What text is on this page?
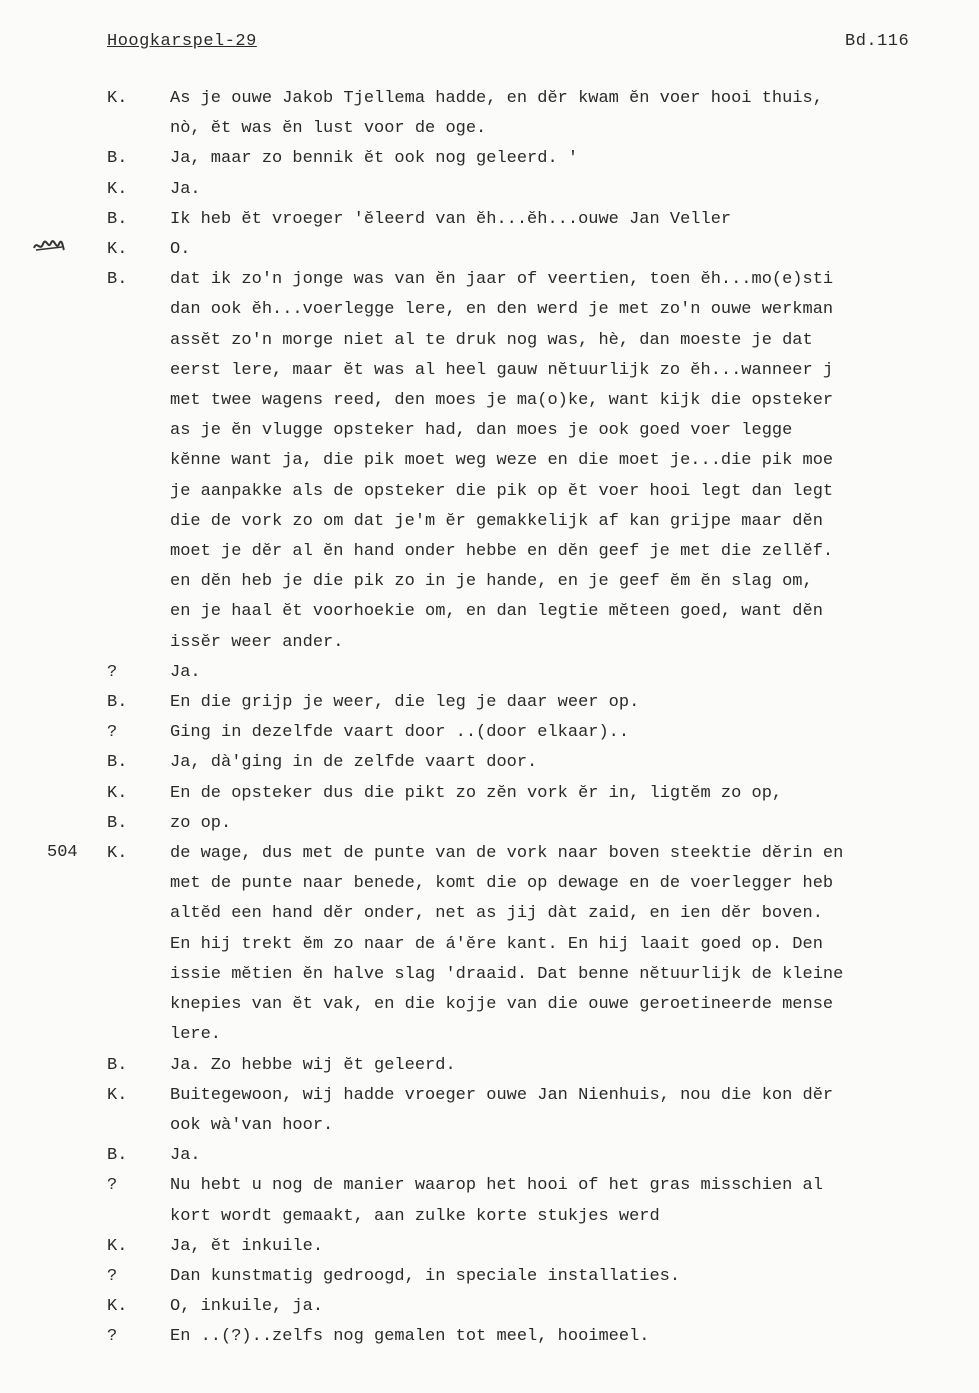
Hoogkarspel-29	Bd.116
504
K.	As je ouwe Jakob Tjellema hadde, en dĕr kwam ĕn voer hooi thuis,
nò, ĕt was ĕn lust voor de oge.
B.	Ja, maar zo bennik ĕt ook nog geleerd. '
K.	Ja.
B.	Ik heb ĕt vroeger 'ĕleerd van ĕh...ĕh...ouwe Jan Veller
K.	O.
B.	dat ik zo'n jonge was van ĕn jaar of veertien, toen ĕh...mo(e)sti
dan ook ĕh...voerlegge lere, en den werd je met zo'n ouwe werkman
assĕt zo'n morge niet al te druk nog was, hè, dan moeste je dat
eerst lere, maar ĕt was al heel gauw nĕtuurlijk zo ĕh...wanneer j
met twee wagens reed, den moes je ma(o)ke, want kijk die opsteker
as je ĕn vlugge opsteker had, dan moes je ook goed voer legge
kĕnne want ja, die pik moet weg weze en die moet je...die pik moe
je aanpakke als de opsteker die pik op ĕt voer hooi legt dan legt
die de vork zo om dat je'm ĕr gemakkelijk af kan grijpe maar dĕn
moet je dĕr al ĕn hand onder hebbe en dĕn geef je met die zellĕf.
en dĕn heb je die pik zo in je hande, en je geef ĕm ĕn slag om,
en je haal ĕt voorhoekie om, en dan legtie mĕteen goed, want dĕn
issĕr weer ander.
?	Ja.
B.	En die grijp je weer, die leg je daar weer op.
?	Ging in dezelfde vaart door ..(door elkaar)..
B.	Ja, dà'ging in de zelfde vaart door.
K.	En de opsteker dus die pikt zo zĕn vork ĕr in, ligtĕm zo op,
B.	zo op.
K.	de wage, dus met de punte van de vork naar boven steektie dĕrin en
met de punte naar benede, komt die op dewage en de voerlegger heb
altĕd een hand dĕr onder, net as jij dàt zaid, en ien dĕr boven.
En hij trekt ĕm zo naar de á'ĕre kant. En hij laait goed op. Den
issie mĕtien ĕn halve slag 'draaid. Dat benne nĕtuurlijk de kleine
knepies van ĕt vak, en die kojje van die ouwe geroetineerde mense
lere.
B.	Ja. Zo hebbe wij ĕt geleerd.
K.	Buitegewoon, wij hadde vroeger ouwe Jan Nienhuis, nou die kon dĕr
ook wà'van hoor.
B.	Ja.
?	Nu hebt u nog de manier waarop het hooi of het gras misschien al
kort wordt gemaakt, aan zulke korte stukjes werd
K.	Ja, ĕt inkuile.
?	Dan kunstmatig gedroogd, in speciale installaties.
K.	O, inkuile, ja.
?	En ..(?)..zelfs nog gemalen tot meel, hooimeel.
